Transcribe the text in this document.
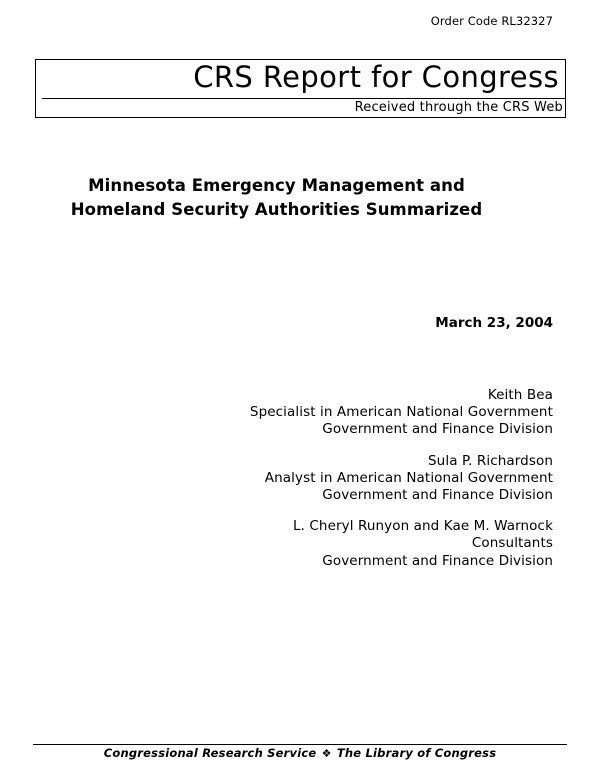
Order Code RL32327
CRS Report for Congress
Received through the CRS Web
Minnesota Emergency Management and
Homeland Security Authorities Summarized
March 23, 2004
Keith Bea
Specialist in American National Government
Government and Finance Division
Sula P. Richardson
Analyst in American National Government
Government and Finance Division
L. Cheryl Runyon and Kae M. Warnock
Consultants
Government and Finance Division
Congressional Research Service ❖ The Library of Congress
